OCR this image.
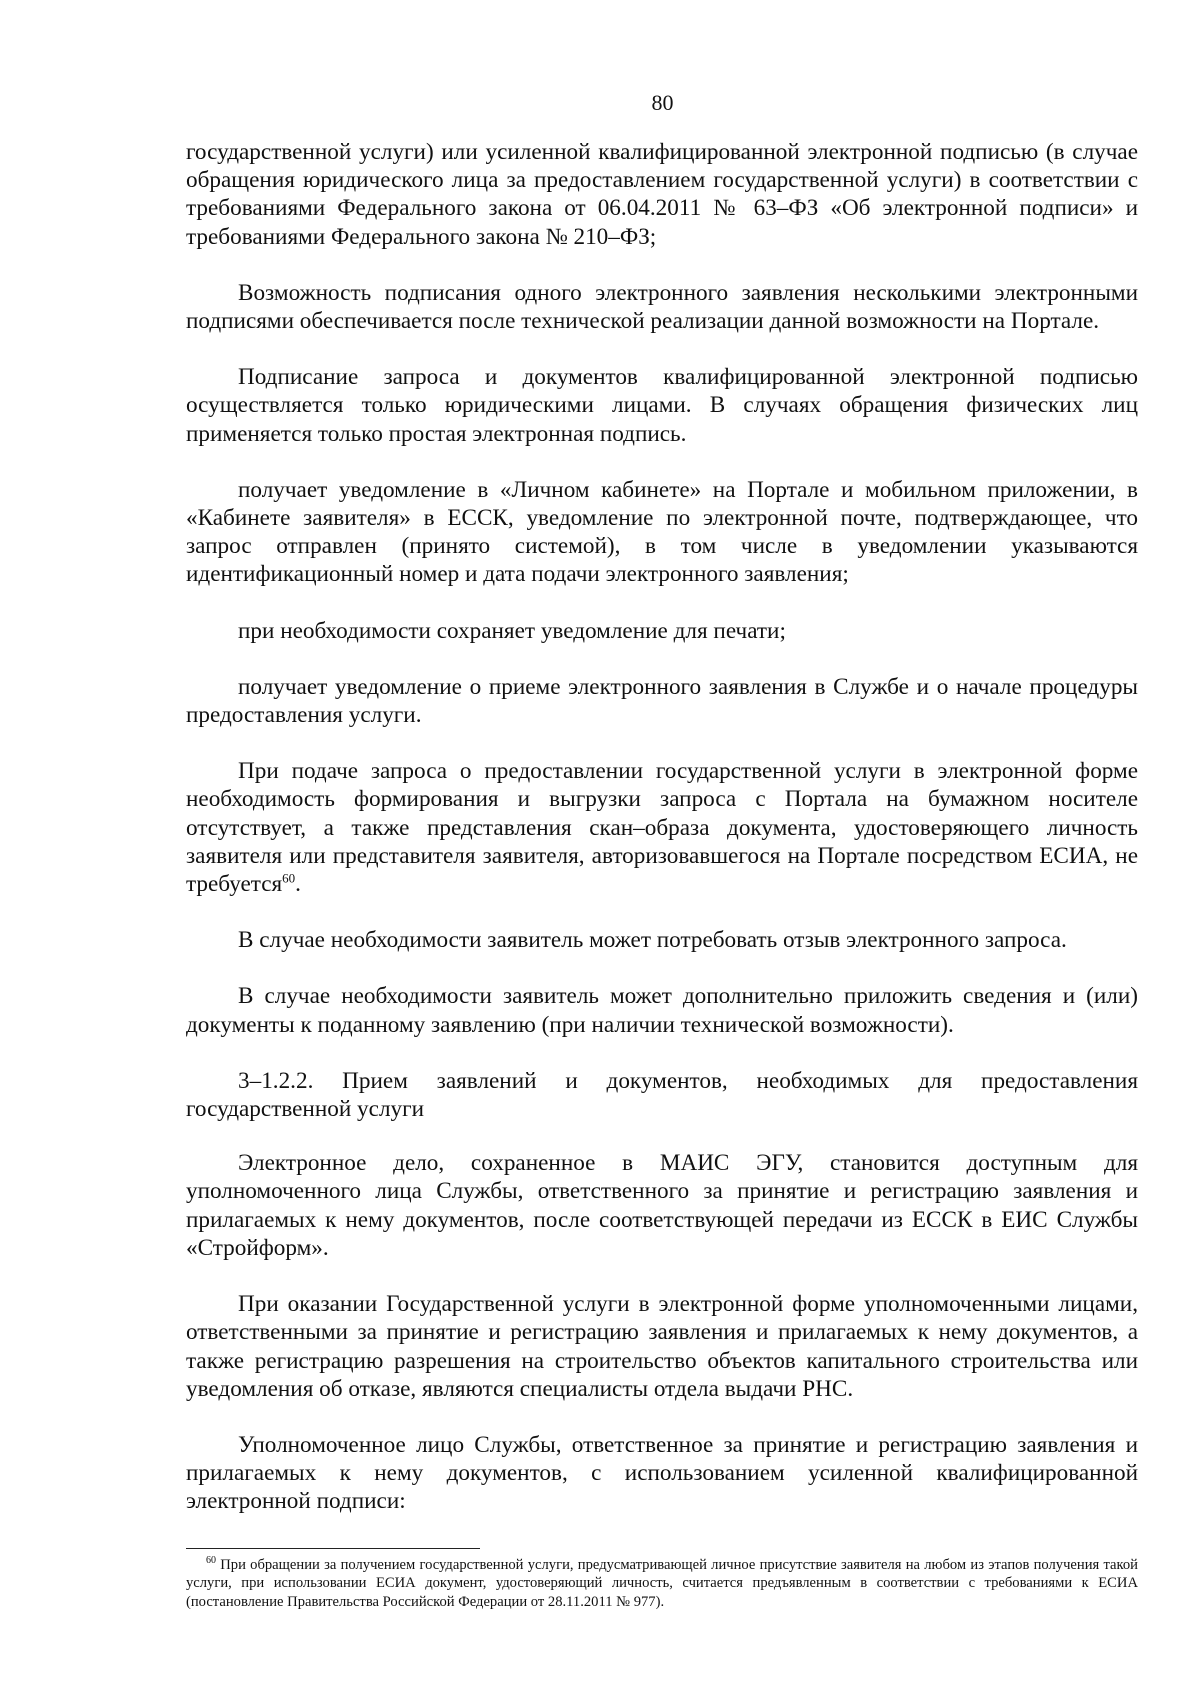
80

государственной услуги) или усиленной квалифицированной электронной подписью (в случае обращения юридического лица за предоставлением государственной услуги) в соответствии с требованиями Федерального закона от 06.04.2011 № 63–ФЗ «Об электронной подписи» и требованиями Федерального закона № 210–ФЗ;

Возможность подписания одного электронного заявления несколькими электронными подписями обеспечивается после технической реализации данной возможности на Портале.

Подписание запроса и документов квалифицированной электронной подписью осуществляется только юридическими лицами. В случаях обращения физических лиц применяется только простая электронная подпись.

получает уведомление в «Личном кабинете» на Портале и мобильном приложении, в «Кабинете заявителя» в ЕССК, уведомление по электронной почте, подтверждающее, что запрос отправлен (принято системой), в том числе в уведомлении указываются идентификационный номер и дата подачи электронного заявления;

при необходимости сохраняет уведомление для печати;

получает уведомление о приеме электронного заявления в Службе и о начале процедуры предоставления услуги.

При подаче запроса о предоставлении государственной услуги в электронной форме необходимость формирования и выгрузки запроса с Портала на бумажном носителе отсутствует, а также представления скан–образа документа, удостоверяющего личность заявителя или представителя заявителя, авторизовавшегося на Портале посредством ЕСИА, не требуется$^{60}$.

В случае необходимости заявитель может потребовать отзыв электронного запроса.

В случае необходимости заявитель может дополнительно приложить сведения и (или) документы к поданному заявлению (при наличии технической возможности).

3–1.2.2. Прием заявлений и документов, необходимых для предоставления государственной услуги

Электронное дело, сохраненное в МАИС ЭГУ, становится доступным для уполномоченного лица Службы, ответственного за принятие и регистрацию заявления и прилагаемых к нему документов, после соответствующей передачи из ЕССК в ЕИС Службы «Стройформ».

При оказании Государственной услуги в электронной форме уполномоченными лицами, ответственными за принятие и регистрацию заявления и прилагаемых к нему документов, а также регистрацию разрешения на строительство объектов капитального строительства или уведомления об отказе, являются специалисты отдела выдачи РНС.

Уполномоченное лицо Службы, ответственное за принятие и регистрацию заявления и прилагаемых к нему документов, с использованием усиленной квалифицированной электронной подписи:

$^{60}$ При обращении за получением государственной услуги, предусматривающей личное присутствие заявителя на любом из этапов получения такой услуги, при использовании ЕСИА документ, удостоверяющий личность, считается предъявленным в соответствии с требованиями к ЕСИА (постановление Правительства Российской Федерации от 28.11.2011 № 977).
